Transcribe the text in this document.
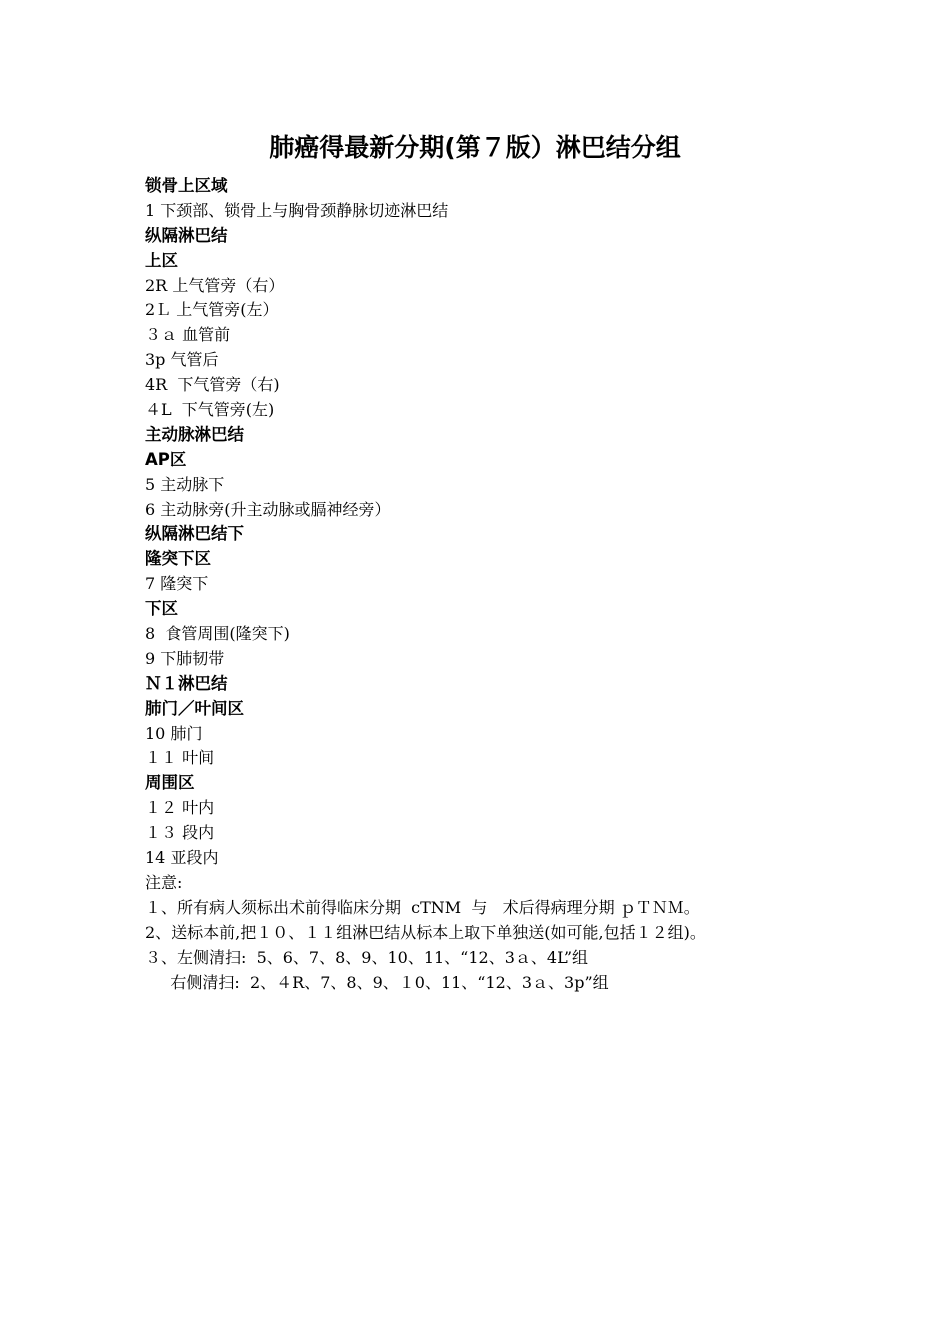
肺癌得最新分期(第７版）淋巴结分组
锁骨上区域
1 下颈部、锁骨上与胸骨颈静脉切迹淋巴结
纵隔淋巴结
上区
2R 上气管旁（右）
2Ｌ 上气管旁(左）
３ａ 血管前
3p 气管后
4R  下气管旁（右)
４L  下气管旁(左)
主动脉淋巴结
AP区
5 主动脉下
6 主动脉旁(升主动脉或膈神经旁）
纵隔淋巴结下
隆突下区
7 隆突下
下区
8  食管周围(隆突下)
9 下肺韧带
Ｎ１淋巴结
肺门／叶间区
10 肺门
１１ 叶间
周围区
１２ 叶内
１３ 段内
14 亚段内
注意:
１、所有病人须标出术前得临床分期  cTNM  与   术后得病理分期 ｐＴＮＭ。
2、送标本前,把１０、１１组淋巴结从标本上取下单独送(如可能,包括１２组)。
３、左侧清扫:  5、6、7、8、9、10、11、“12、3ａ、4L”组
右侧清扫:  2、４R、7、8、9、１0、11、“12、3ａ、3p”组
